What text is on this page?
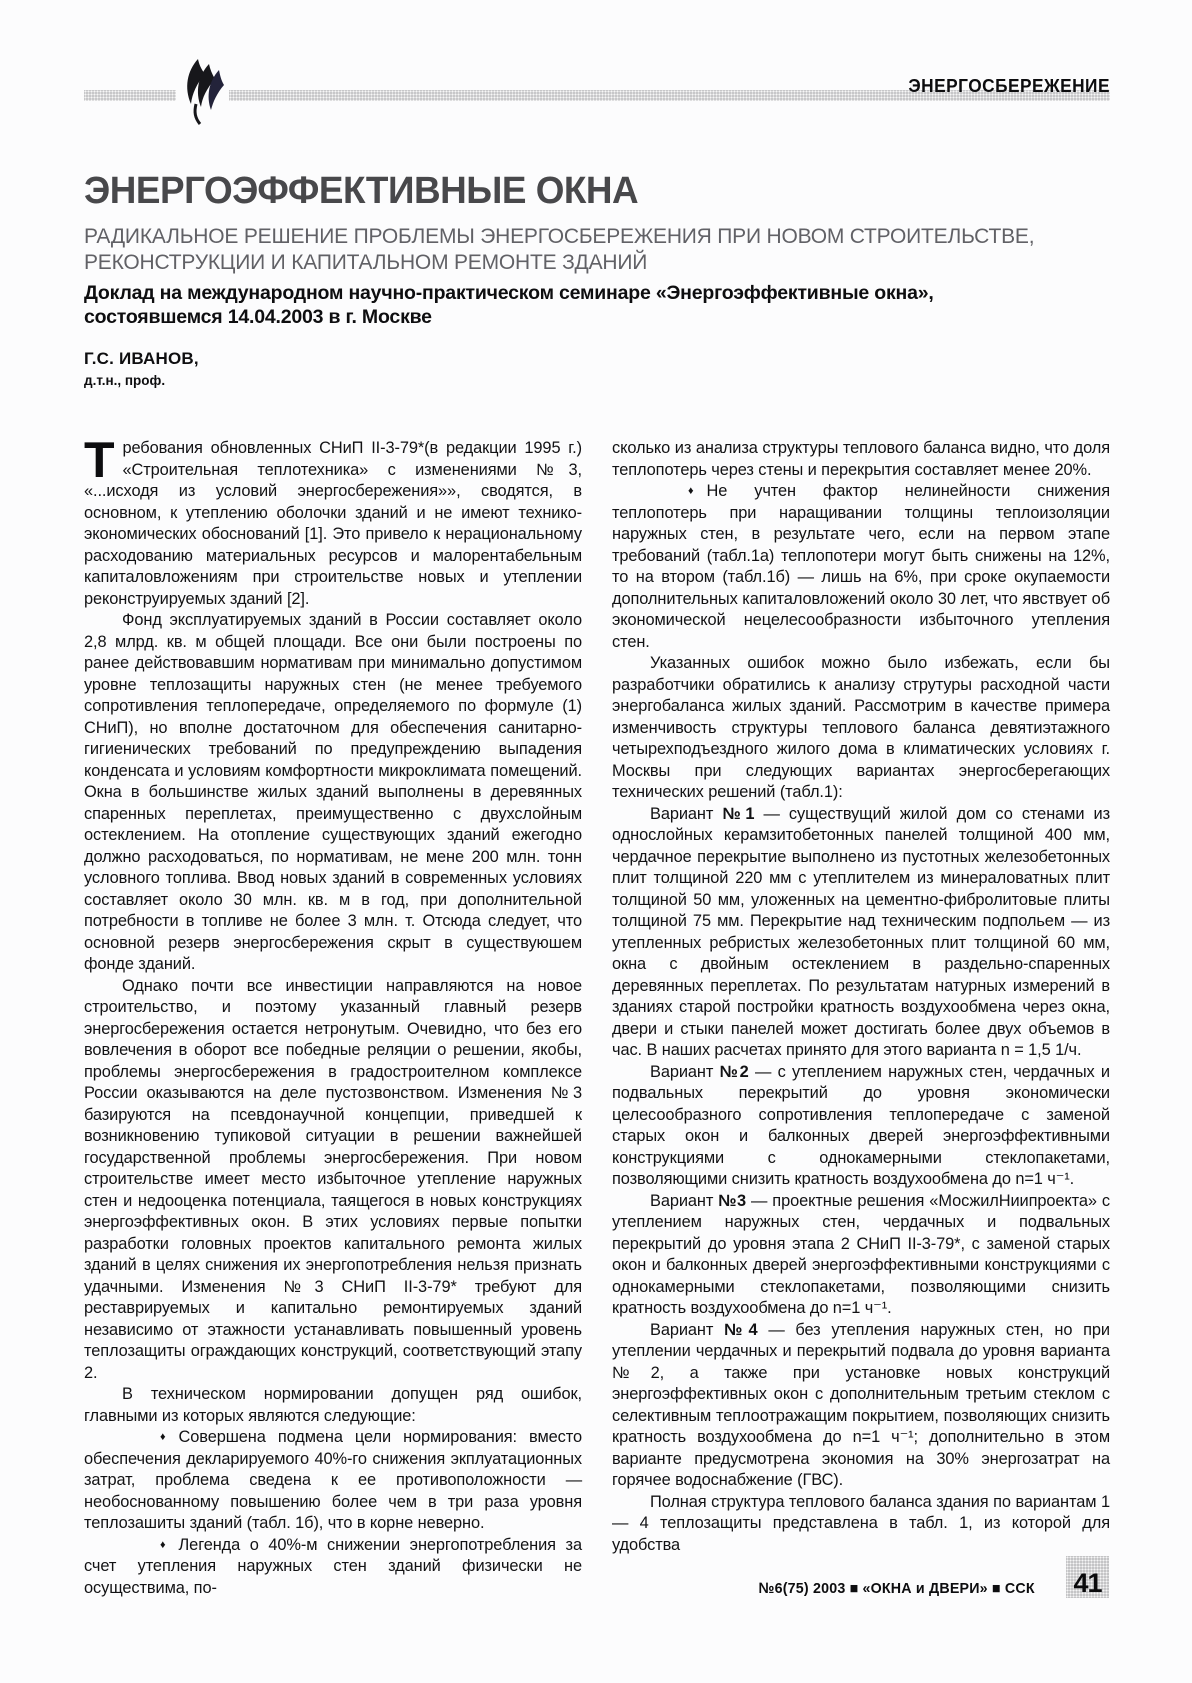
ЭНЕРГОСБЕРЕЖЕНИЕ
ЭНЕРГОЭФФЕКТИВНЫЕ ОКНА
РАДИКАЛЬНОЕ РЕШЕНИЕ ПРОБЛЕМЫ ЭНЕРГОСБЕРЕЖЕНИЯ ПРИ НОВОМ СТРОИТЕЛЬСТВЕ, РЕКОНСТРУКЦИИ И КАПИТАЛЬНОМ РЕМОНТЕ ЗДАНИЙ
Доклад на международном научно-практическом семинаре «Энергоэффективные окна», состоявшемся 14.04.2003 в г. Москве
Г.С. ИВАНОВ,
д.т.н., проф.

Требования обновленных СНиП II-3-79*(в редакции 1995 г.) «Строительная теплотехника» с изменениями №3, «...исходя из условий энергосбережения»», сводятся, в основном, к утеплению оболочки зданий и не имеют технико-экономических обоснований [1]. Это привело к нерациональному расходованию материальных ресурсов и малорентабельным капиталовложениям при строительстве новых и утеплении реконструируемых зданий [2].

Фонд эксплуатируемых зданий в России составляет около 2,8 млрд. кв. м общей площади. Все они были построены по ранее действовавшим нормативам при минимально допустимом уровне теплозащиты наружных стен (не менее требуемого сопротивления теплопередаче, определяемого по формуле (1) СНиП), но вполне достаточном для обеспечения санитарно-гигиенических требований по предупреждению выпадения конденсата и условиям комфортности микроклимата помещений. Окна в большинстве жилых зданий выполнены в деревянных спаренных переплетах, преимущественно с двухслойным остеклением. На отопление существующих зданий ежегодно должно расходоваться, по нормативам, не мене 200 млн. тонн условного топлива. Ввод новых зданий в современных условиях составляет около 30 млн. кв. м в год, при дополнительной потребности в топливе не более 3 млн. т. Отсюда следует, что основной резерв энергосбережения скрыт в существуюшем фонде зданий.

Однако почти все инвестиции направляются на новое строительство, и поэтому указанный главный резерв энергосбережения остается нетронутым. Очевидно, что без его вовлечения в оборот все победные реляции о решении, якобы, проблемы энергосбережения в градостроителном комплексе России оказываются на деле пустозвонством. Изменения №3 базируются на псевдонаучной концепции, приведшей к возникновению тупиковой ситуации в решении важнейшей государственной проблемы энергосбережения. При новом строительстве имеет место избыточное утепление наружных стен и недооценка потенциала, таящегося в новых конструкциях энергоэффективных окон. В этих условиях первые попытки разработки головных проектов капитального ремонта жилых зданий в целях снижения их энергопотребления нельзя признать удачными. Изменения №3 СНиП II-3-79* требуют для реставрируемых и капитально ремонтируемых зданий независимо от этажности устанавливать повышенный уровень теплозащиты ограждающих конструкций, соответствующий этапу 2.

В техническом нормировании допущен ряд ошибок, главными из которых являются следующие:

♦ Совершена подмена цели нормирования: вместо обеспечения декларируемого 40%-го снижения экплуатационных затрат, проблема сведена к ее противоположности — необоснованному повышению более чем в три раза уровня теплозашиты зданий (табл. 1б), что в корне неверно.

♦ Легенда о 40%-м снижении энергопотребления за счет утепления наружных стен зданий физически не осуществима, по-

сколько из анализа структуры теплового баланса видно, что доля теплопотерь через стены и перекрытия составляет менее 20%.

♦ Не учтен фактор нелинейности снижения теплопотерь при наращивании толщины теплоизоляции наружных стен, в результате чего, если на первом этапе требований (табл.1а) теплопотери могут быть снижены на 12%, то на втором (табл.1б) — лишь на 6%, при сроке окупаемости дополнительных капиталовложений около 30 лет, что явствует об экономической нецелесообразности избыточного утепления стен.

Указанных ошибок можно было избежать, если бы разработчики обратились к анализу струтуры расходной части энергобаланса жилых зданий. Рассмотрим в качестве примера изменчивость структуры теплового баланса девятиэтажного четырехподъездного жилого дома в климатических условиях г. Москвы при следующих вариантах энергосберегающих технических решений (табл.1):

Вариант №1 — существущий жилой дом со стенами из однослойных керамзитобетонных панелей толщиной 400 мм, чердачное перекрытие выполнено из пустотных железобетонных плит толщиной 220 мм с утеплителем из минераловатных плит толщиной 50 мм, уложенных на цементно-фибролитовые плиты толщиной 75 мм. Перекрытие над техническим подпольем — из утепленных ребристых железобетонных плит толщиной 60 мм, окна с двойным остеклением в раздельно-спаренных деревянных переплетах. По результатам натурных измерений в зданиях старой постройки кратность воздухообмена через окна, двери и стыки панелей может достигать более двух объемов в час. В наших расчетах принято для этого варианта n = 1,5 1/ч.

Вариант №2 — с утеплением наружных стен, чердачных и подвальных перекрытий до уровня экономически целесообразного сопротивления теплопередаче с заменой старых окон и балконных дверей энергоэффективными конструкциями с однокамерными стеклопакетами, позволяющими снизить кратность воздухообмена до n=1 ч⁻¹.

Вариант №3 — проектные решения «МосжилНиипроекта» с утеплением наружных стен, чердачных и подвальных перекрытий до уровня этапа 2 СНиП II-3-79*, с заменой старых окон и балконных дверей энергоэффективными конструкциями с однокамерными стеклопакетами, позволяющими снизить кратность воздухообмена до n=1 ч⁻¹.

Вариант №4 — без утепления наружных стен, но при утеплении чердачных и перекрытий подвала до уровня варианта №2, а также при установке новых конструкций энергоэффективных окон с дополнительным третьим стеклом с селективным теплоотражащим покрытием, позволяющих снизить кратность воздухообмена до n=1 ч⁻¹; дополнительно в этом варианте предусмотрена экономия на 30% энергозатрат на горячее водоснабжение (ГВС).

Полная структура теплового баланса здания по вариантам 1 — 4 теплозащиты представлена в табл. 1, из которой для удобства

№6(75) 2003 ■ «ОКНА и ДВЕРИ» ■ ССК 41
